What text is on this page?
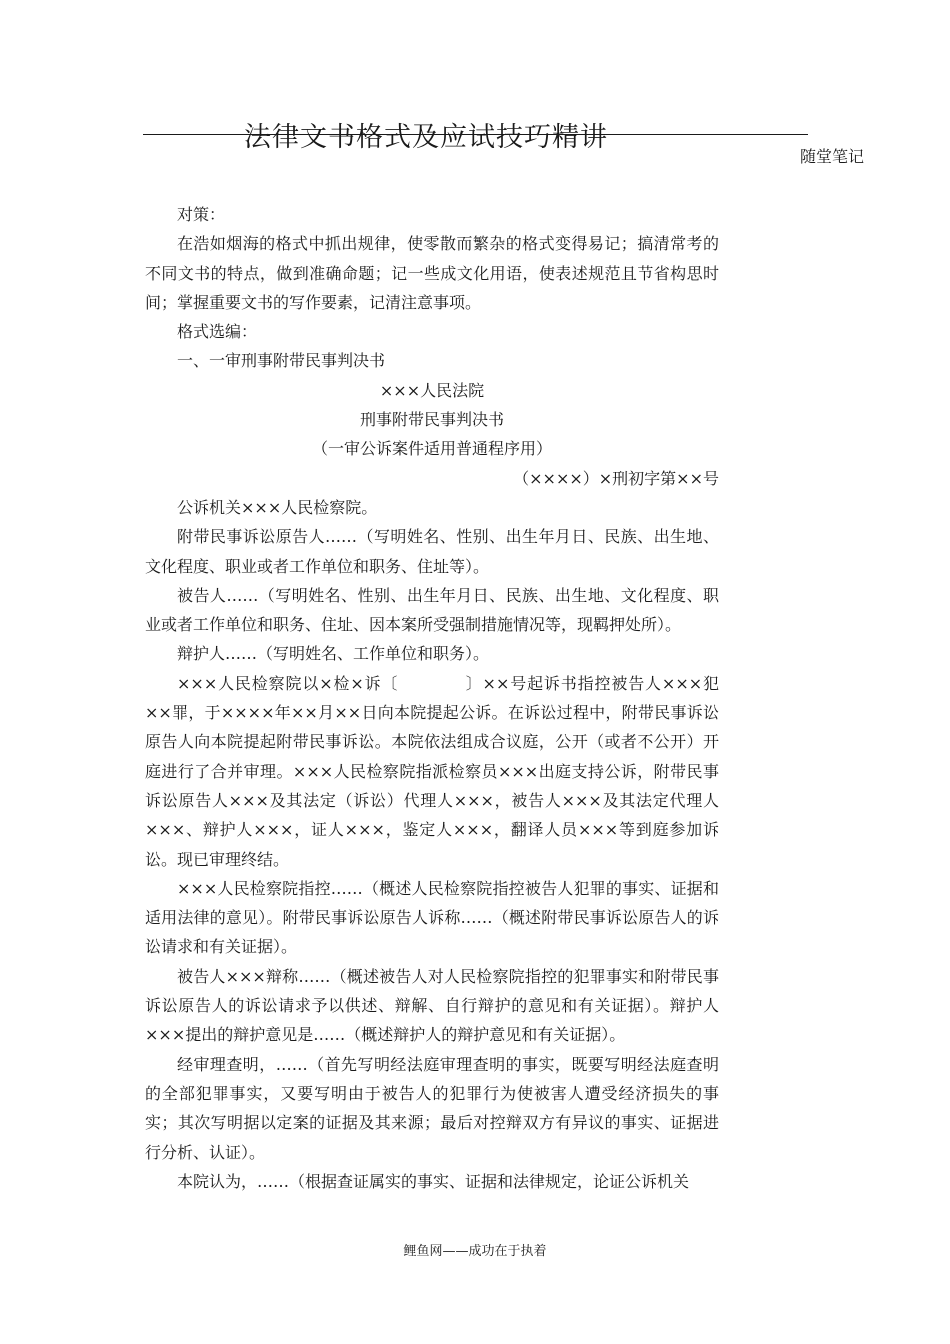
法律文书格式及应试技巧精讲
随堂笔记

对策：

在浩如烟海的格式中抓出规律，使零散而繁杂的格式变得易记；搞清常考的不同文书的特点，做到准确命题；记一些成文化用语，使表述规范且节省构思时间；掌握重要文书的写作要素，记清注意事项。

格式选编：

一、一审刑事附带民事判决书

×××人民法院

刑事附带民事判决书

（一审公诉案件适用普通程序用）

（××××）×刑初字第××号

公诉机关×××人民检察院。

附带民事诉讼原告人……（写明姓名、性别、出生年月日、民族、出生地、文化程度、职业或者工作单位和职务、住址等）。

被告人……（写明姓名、性别、出生年月日、民族、出生地、文化程度、职业或者工作单位和职务、住址、因本案所受强制措施情况等，现羁押处所）。

辩护人……（写明姓名、工作单位和职务）。

×××人民检察院以×检×诉〔　　　　〕××号起诉书指控被告人×××犯××罪，于××××年××月××日向本院提起公诉。在诉讼过程中，附带民事诉讼原告人向本院提起附带民事诉讼。本院依法组成合议庭，公开（或者不公开）开庭进行了合并审理。×××人民检察院指派检察员×××出庭支持公诉，附带民事诉讼原告人×××及其法定（诉讼）代理人×××，被告人×××及其法定代理人×××、辩护人×××，证人×××，鉴定人×××，翻译人员×××等到庭参加诉讼。现已审理终结。

×××人民检察院指控……（概述人民检察院指控被告人犯罪的事实、证据和适用法律的意见）。附带民事诉讼原告人诉称……（概述附带民事诉讼原告人的诉讼请求和有关证据）。

被告人×××辩称……（概述被告人对人民检察院指控的犯罪事实和附带民事诉讼原告人的诉讼请求予以供述、辩解、自行辩护的意见和有关证据）。辩护人×××提出的辩护意见是……（概述辩护人的辩护意见和有关证据）。

经审理查明，……（首先写明经法庭审理查明的事实，既要写明经法庭查明的全部犯罪事实，又要写明由于被告人的犯罪行为使被害人遭受经济损失的事实；其次写明据以定案的证据及其来源；最后对控辩双方有异议的事实、证据进行分析、认证）。

本院认为，……（根据查证属实的事实、证据和法律规定，论证公诉机关

鲤鱼网——成功在于执着
